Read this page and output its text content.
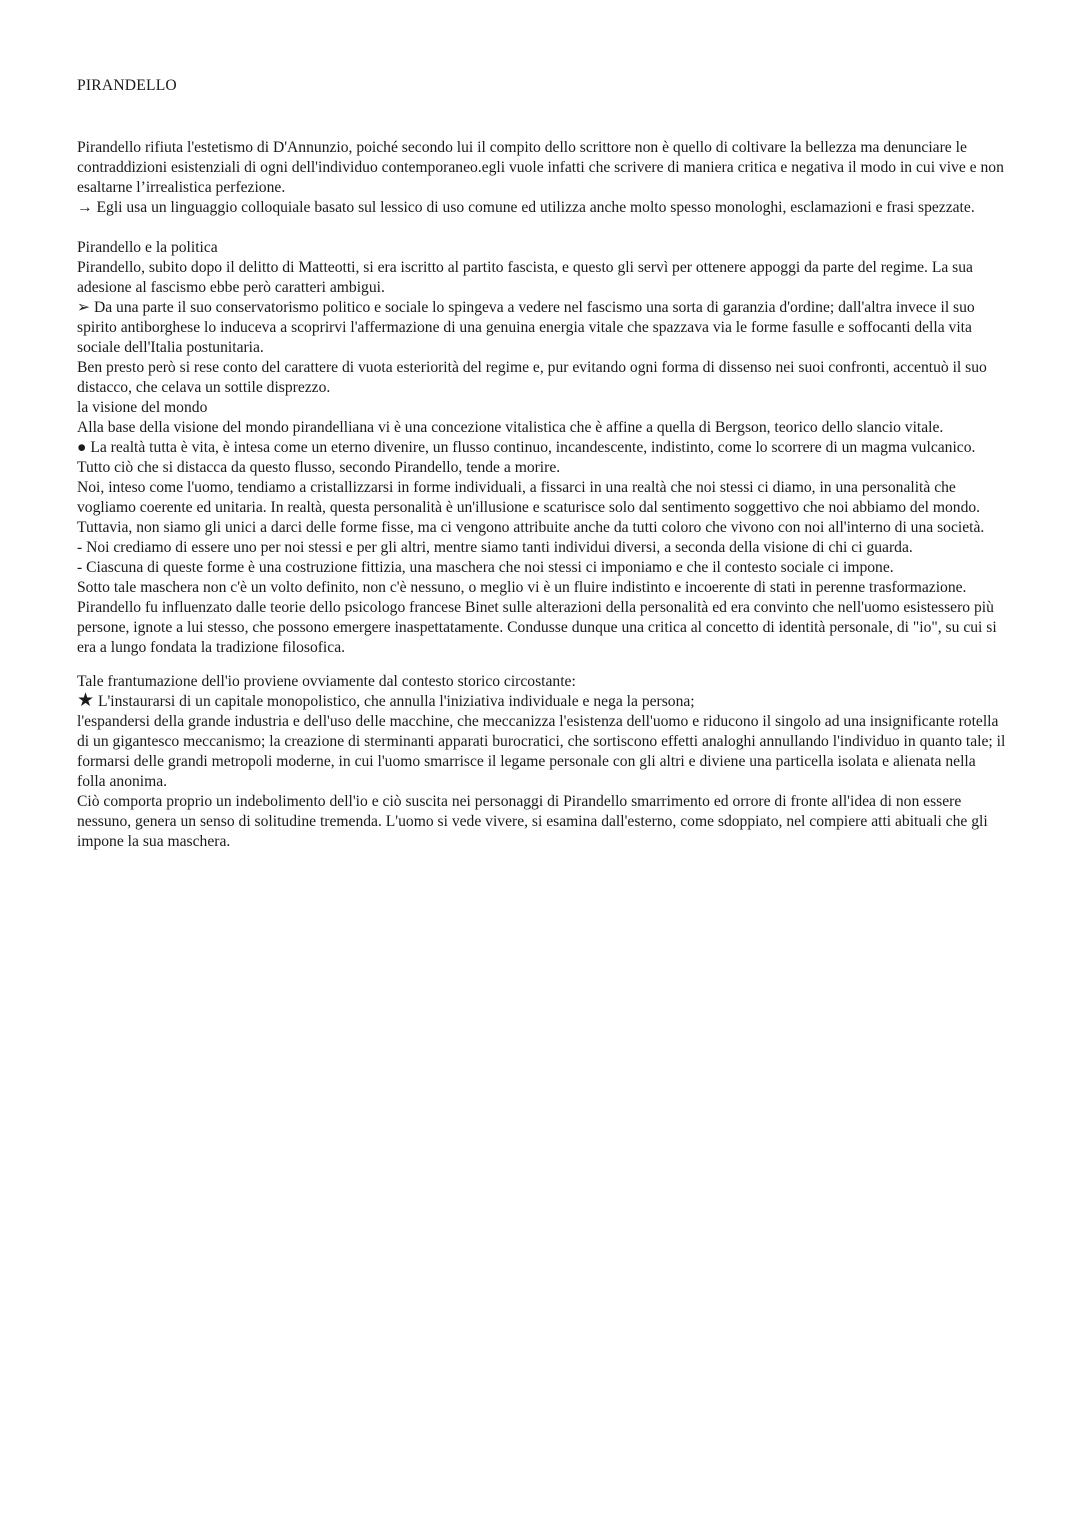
PIRANDELLO

Pirandello rifiuta l'estetismo di D'Annunzio, poiché secondo lui il compito dello scrittore non è quello di coltivare la bellezza ma denunciare le contraddizioni esistenziali di ogni dell'individuo contemporaneo.egli vuole infatti che scrivere di maniera critica e negativa il modo in cui vive e non esaltarne l’irrealistica perfezione.

→ Egli usa un linguaggio colloquiale basato sul lessico di uso comune ed utilizza anche molto spesso monologhi, esclamazioni e frasi spezzate.

Pirandello e la politica

Pirandello, subito dopo il delitto di Matteotti, si era iscritto al partito fascista, e questo gli servì per ottenere appoggi da parte del regime. La sua adesione al fascismo ebbe però caratteri ambigui.

➢ Da una parte il suo conservatorismo politico e sociale lo spingeva a vedere nel fascismo una sorta di garanzia d'ordine; dall'altra invece il suo spirito antiborghese lo induceva a scoprirvi l'affermazione di una genuina energia vitale che spazzava via le forme fasulle e soffocanti della vita sociale dell'Italia postunitaria.

Ben presto però si rese conto del carattere di vuota esteriorità del regime e, pur evitando ogni forma di dissenso nei suoi confronti, accentuò il suo distacco, che celava un sottile disprezzo.

la visione del mondo

Alla base della visione del mondo pirandelliana vi è una concezione vitalistica che è affine a quella di Bergson, teorico dello slancio vitale.

● La realtà tutta è vita, è intesa come un eterno divenire, un flusso continuo, incandescente, indistinto, come lo scorrere di un magma vulcanico. Tutto ciò che si distacca da questo flusso, secondo Pirandello, tende a morire.

Noi, inteso come l'uomo, tendiamo a cristallizzarsi in forme individuali, a fissarci in una realtà che noi stessi ci diamo, in una personalità che vogliamo coerente ed unitaria. In realtà, questa personalità è un'illusione e scaturisce solo dal sentimento soggettivo che noi abbiamo del mondo.

Tuttavia, non siamo gli unici a darci delle forme fisse, ma ci vengono attribuite anche da tutti coloro che vivono con noi all'interno di una società.

- Noi crediamo di essere uno per noi stessi e per gli altri, mentre siamo tanti individui diversi, a seconda della visione di chi ci guarda.

- Ciascuna di queste forme è una costruzione fittizia, una maschera che noi stessi ci imponiamo e che il contesto sociale ci impone.

Sotto tale maschera non c'è un volto definito, non c'è nessuno, o meglio vi è un fluire indistinto e incoerente di stati in perenne trasformazione. Pirandello fu influenzato dalle teorie dello psicologo francese Binet sulle alterazioni della personalità ed era convinto che nell'uomo esistessero più persone, ignote a lui stesso, che possono emergere inaspettatamente. Condusse dunque una critica al concetto di identità personale, di "io", su cui si era a lungo fondata la tradizione filosofica.

Tale frantumazione dell'io proviene ovviamente dal contesto storico circostante:

★ L'instaurarsi di un capitale monopolistico, che annulla l'iniziativa individuale e nega la persona;

l'espandersi della grande industria e dell'uso delle macchine, che meccanizza l'esistenza dell'uomo e riducono il singolo ad una insignificante rotella di un gigantesco meccanismo; la creazione di sterminanti apparati burocratici, che sortiscono effetti analoghi annullando l'individuo in quanto tale; il formarsi delle grandi metropoli moderne, in cui l'uomo smarrisce il legame personale con gli altri e diviene una particella isolata e alienata nella folla anonima.

Ciò comporta proprio un indebolimento dell'io e ciò suscita nei personaggi di Pirandello smarrimento ed orrore di fronte all'idea di non essere nessuno, genera un senso di solitudine tremenda. L'uomo si vede vivere, si esamina dall'esterno, come sdoppiato, nel compiere atti abituali che gli impone la sua maschera.
